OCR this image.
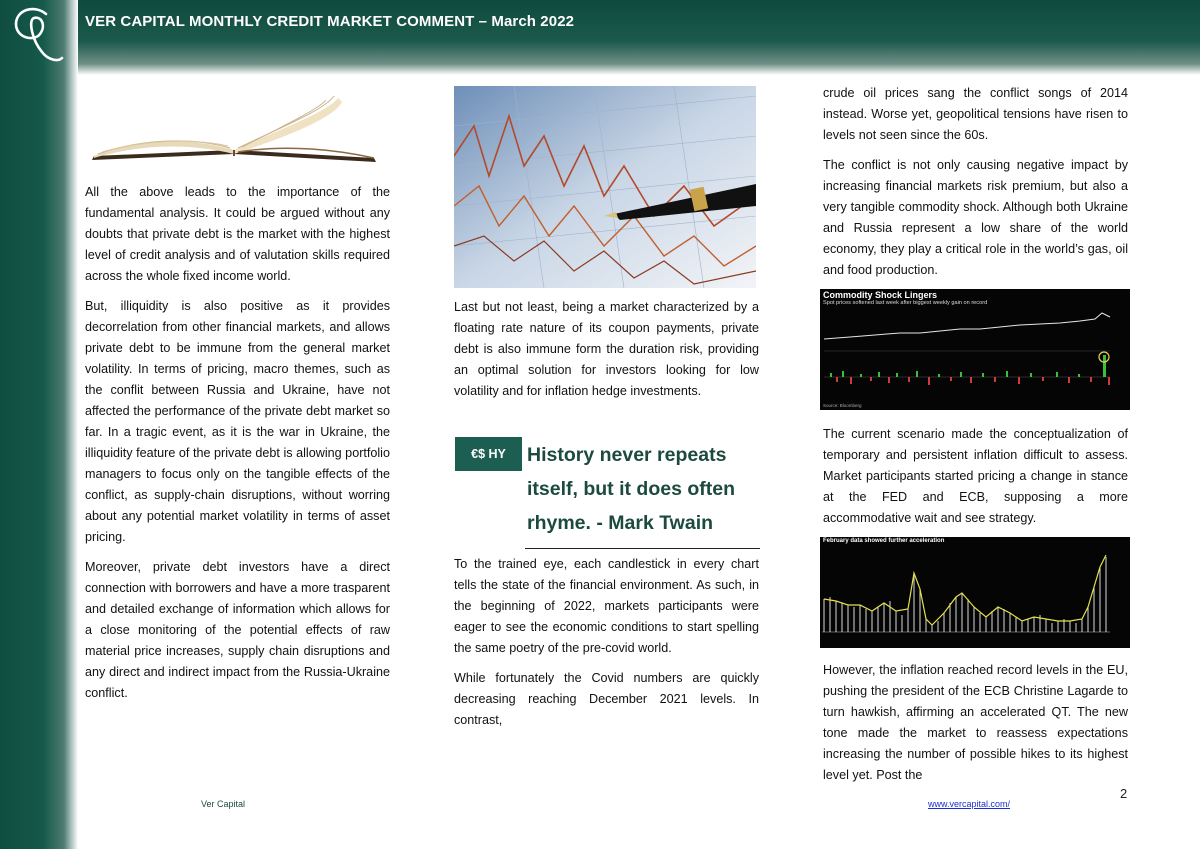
VER CAPITAL MONTHLY CREDIT MARKET COMMENT – March 2022

All the above leads to the importance of the fundamental analysis. It could be argued without any doubts that private debt is the market with the highest level of credit analysis and of valutation skills required across the whole fixed income world.

But, illiquidity is also positive as it provides decorrelation from other financial markets, and allows private debt to be immune from the general market volatility. In terms of pricing, macro themes, such as the conflit between Russia and Ukraine, have not affected the performance of the private debt market so far. In a tragic event, as it is the war in Ukraine, the illiquidity feature of the private debt is allowing portfolio managers to focus only on the tangible effects of the conflict, as supply-chain disruptions, without worring about any potential market volatility in terms of asset pricing.

Moreover, private debt investors have a direct connection with borrowers and have a more trasparent and detailed exchange of information which allows for a close monitoring of the potential effects of raw material price increases, supply chain disruptions and any direct and indirect impact from the Russia-Ukraine conflict.

Last but not least, being a market characterized by a floating rate nature of its coupon payments, private debt is also immune form the duration risk, providing an optimal solution for investors looking for low volatility and for inflation hedge investments.

€$ HY	History never repeats itself, but it does often rhyme. - Mark Twain

To the trained eye, each candlestick in every chart tells the state of the financial environment. As such, in the beginning of 2022, markets participants were eager to see the economic conditions to start spelling the same poetry of the pre-covid world.

While fortunately the Covid numbers are quickly decreasing reaching December 2021 levels. In contrast,

crude oil prices sang the conflict songs of 2014 instead. Worse yet, geopolitical tensions have risen to levels not seen since the 60s.

The conflict is not only causing negative impact by increasing financial markets risk premium, but also a very tangible commodity shock. Although both Ukraine and Russia represent a low share of the world economy, they play a critical role in the world’s gas, oil and food production.

Commodity Shock Lingers
Spot prices softened last week after biggest weekly gain on record
Source: Bloomberg

The current scenario made the conceptualization of temporary and persistent inflation difficult to assess. Market participants started pricing a change in stance at the FED and ECB, supposing a more accommodative wait and see strategy.

February data showed further acceleration

However, the inflation reached record levels in the EU, pushing the president of the ECB Christine Lagarde to turn hawkish, affirming an accelerated QT. The new tone made the market to reassess expectations increasing the number of possible hikes to its highest level yet. Post the

Ver Capital	www.vercapital.com/
2
